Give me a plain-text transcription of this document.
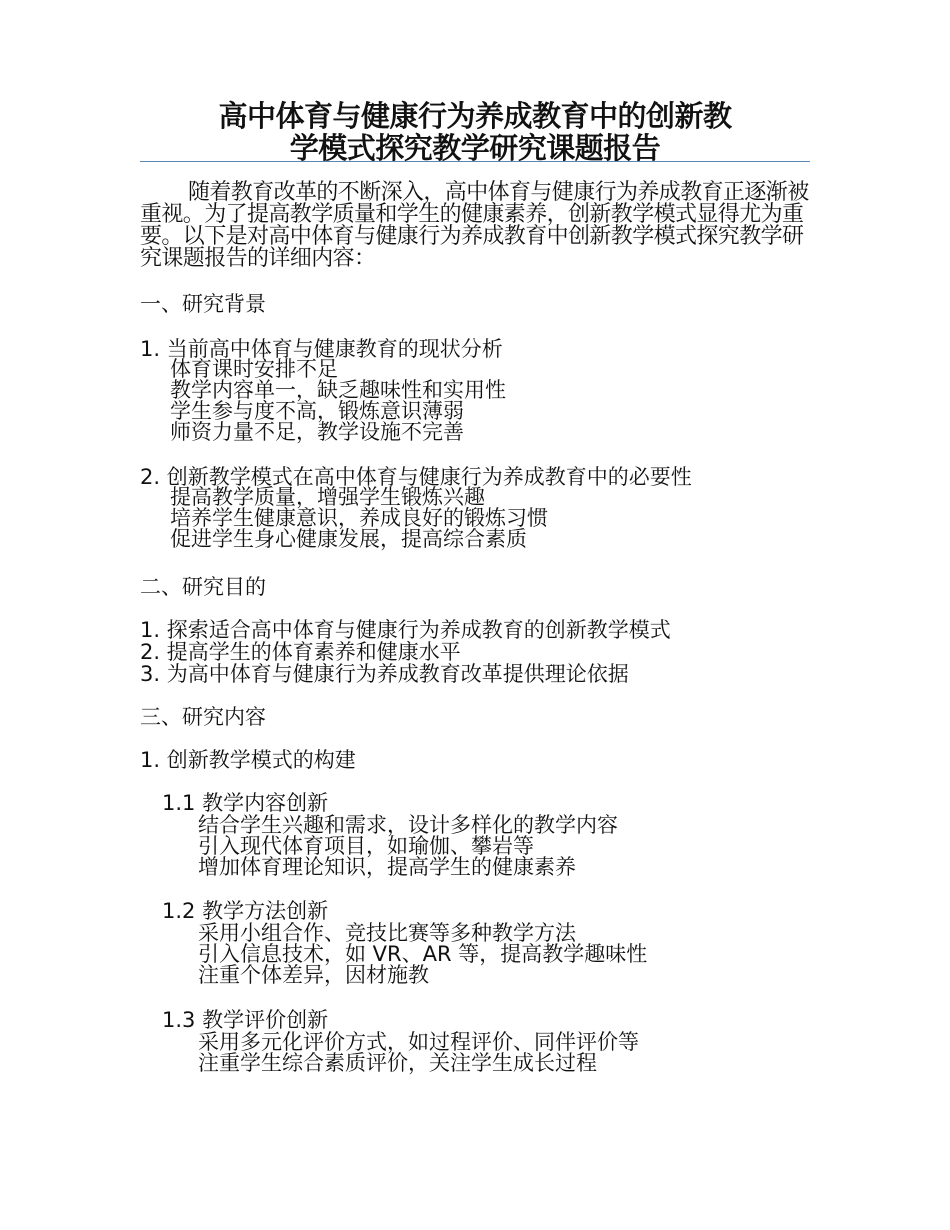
高中体育与健康行为养成教育中的创新教
学模式探究教学研究课题报告
随着教育改革的不断深入，高中体育与健康行为养成教育正逐渐被重视。为了提高教学质量和学生的健康素养，创新教学模式显得尤为重要。以下是对高中体育与健康行为养成教育中创新教学模式探究教学研究课题报告的详细内容：
一、研究背景
1. 当前高中体育与健康教育的现状分析
体育课时安排不足
教学内容单一，缺乏趣味性和实用性
学生参与度不高，锻炼意识薄弱
师资力量不足，教学设施不完善
2. 创新教学模式在高中体育与健康行为养成教育中的必要性
提高教学质量，增强学生锻炼兴趣
培养学生健康意识，养成良好的锻炼习惯
促进学生身心健康发展，提高综合素质
二、研究目的
1. 探索适合高中体育与健康行为养成教育的创新教学模式
2. 提高学生的体育素养和健康水平
3. 为高中体育与健康行为养成教育改革提供理论依据
三、研究内容
1. 创新教学模式的构建
1.1 教学内容创新
结合学生兴趣和需求，设计多样化的教学内容
引入现代体育项目，如瑜伽、攀岩等
增加体育理论知识，提高学生的健康素养
1.2 教学方法创新
采用小组合作、竞技比赛等多种教学方法
引入信息技术，如 VR、AR 等，提高教学趣味性
注重个体差异，因材施教
1.3 教学评价创新
采用多元化评价方式，如过程评价、同伴评价等
注重学生综合素质评价，关注学生成长过程
